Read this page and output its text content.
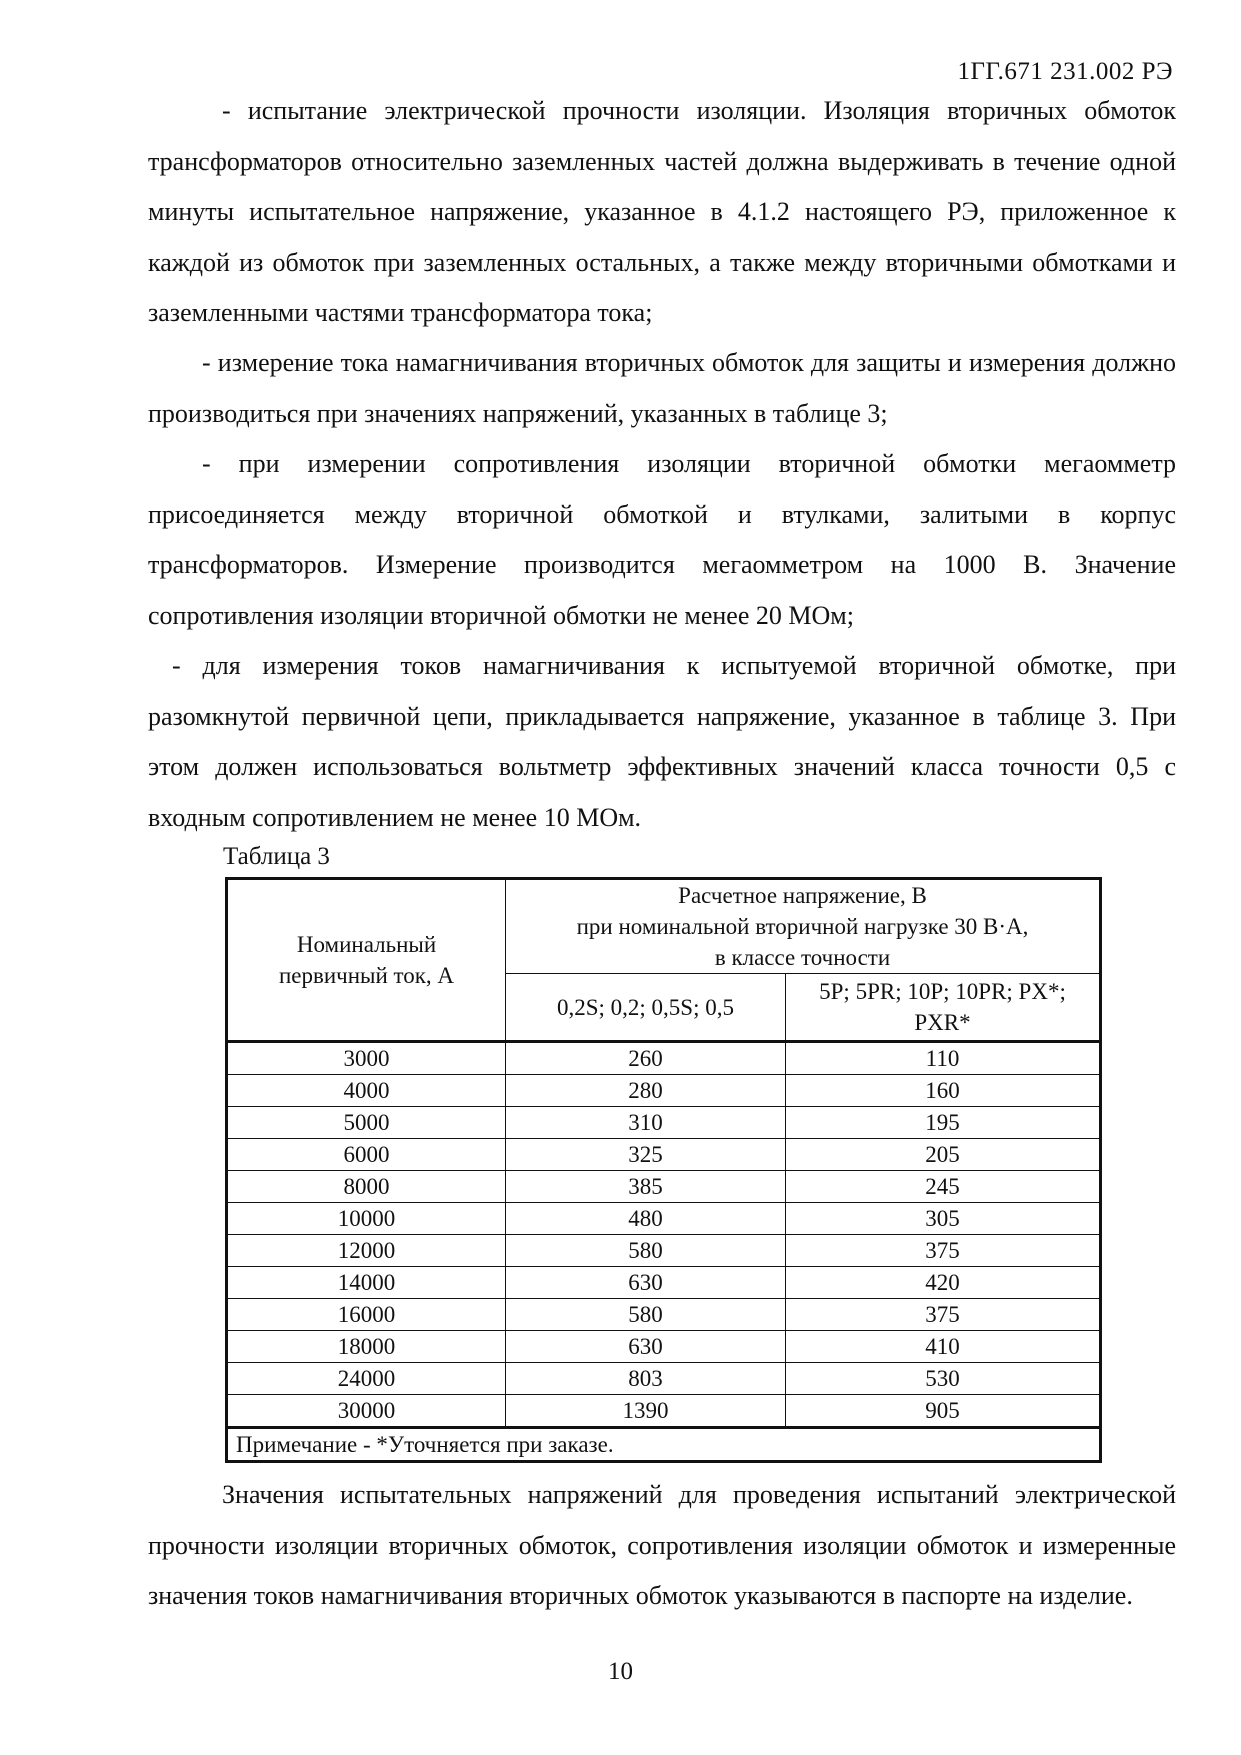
1ГГ.671 231.002 РЭ

- испытание электрической прочности изоляции. Изоляция вторичных обмоток трансформаторов относительно заземленных частей должна выдерживать в течение одной минуты испытательное напряжение, указанное в 4.1.2 настоящего РЭ, приложенное к каждой из обмоток при заземленных остальных, а также между вторичными обмотками и заземленными частями трансформатора тока;

- измерение тока намагничивания вторичных обмоток для защиты и измерения должно производиться при значениях напряжений, указанных в таблице 3;

- при измерении сопротивления изоляции вторичной обмотки мегаомметр присоединяется между вторичной обмоткой и втулками, залитыми в корпус трансформаторов. Измерение производится мегаомметром на 1000 В. Значение сопротивления изоляции вторичной обмотки не менее 20 МОм;

- для измерения токов намагничивания к испытуемой вторичной обмотке, при разомкнутой первичной цепи, прикладывается напряжение, указанное в таблице 3. При этом должен использоваться вольтметр эффективных значений класса точности 0,5 с входным сопротивлением не менее 10 МОм.

Таблица 3
Номинальный первичный ток, А	Расчетное напряжение, В
при номинальной вторичной нагрузке 30 В·А,
в классе точности	

	0,2S; 0,2; 0,5S; 0,5	5P; 5PR; 10P; 10PR; PX*;
PXR*

3000	260	110
4000	280	160
5000	310	195
6000	325	205
8000	385	245
10000	480	305
12000	580	375
14000	630	420
16000	580	375
18000	630	410
24000	803	530
30000	1390	905
Примечание - *Уточняется при заказе.		

Значения испытательных напряжений для проведения испытаний электрической прочности изоляции вторичных обмоток, сопротивления изоляции обмоток и измеренные значения токов намагничивания вторичных обмоток указываются в паспорте на изделие.

10
